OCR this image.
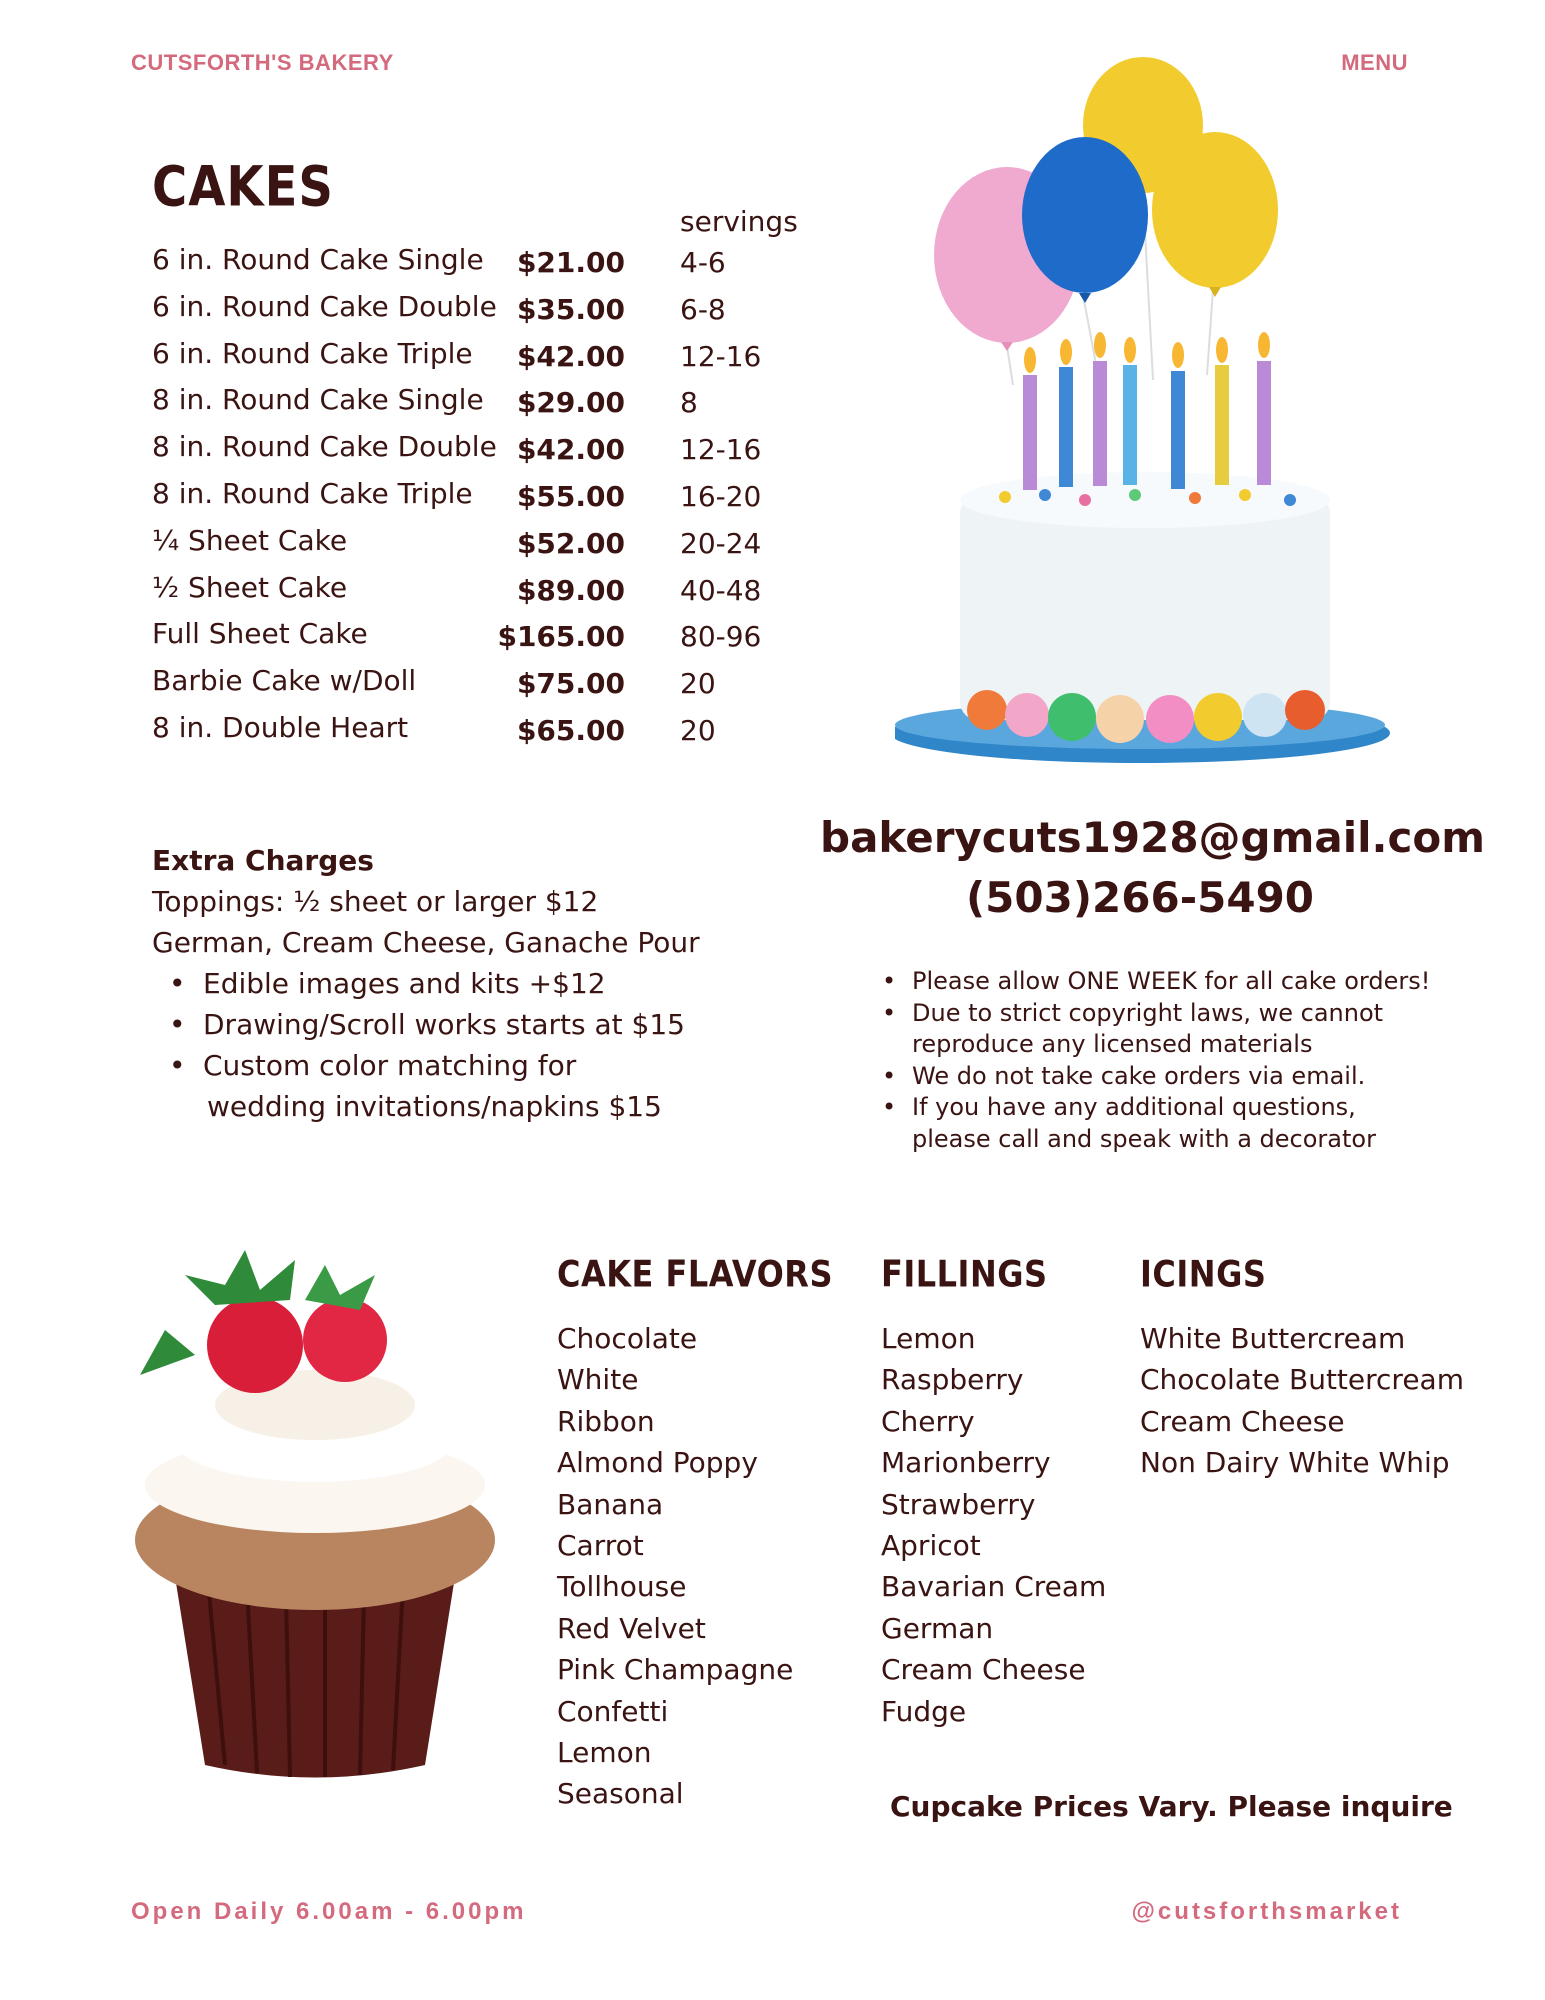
CUTSFORTH'S BAKERY	MENU
CAKES
servings
6 in. Round Cake Single $21.00 4-6
6 in. Round Cake Double $35.00 6-8
6 in. Round Cake Triple $42.00 12-16
8 in. Round Cake Single $29.00 8
8 in. Round Cake Double $42.00 12-16
8 in. Round Cake Triple $55.00 16-20
¼ Sheet Cake	$52.00 20-24
½ Sheet Cake	$89.00 40-48
Full Sheet Cake	$165.00 80-96
Barbie Cake w/Doll	$75.00 20
8 in. Double Heart	$65.00 20
Extra Charges
Toppings: ½ sheet or larger $12
German, Cream Cheese, Ganache Pour
• Edible images and kits +$12
• Drawing/Scroll works starts at $15
• Custom color matching for
wedding invitations/napkins $15
bakerycuts1928@gmail.com
(503)266-5490
• Please allow ONE WEEK for all cake orders!
• Due to strict copyright laws, we cannot reproduce any licensed materials
• We do not take cake orders via email.
• If you have any additional questions, please call and speak with a decorator
CAKE FLAVORS
Chocolate
White
Ribbon
Almond Poppy
Banana
Carrot
Tollhouse
Red Velvet
Pink Champagne
Confetti
Lemon
Seasonal
FILLINGS
Lemon
Raspberry
Cherry
Marionberry
Strawberry
Apricot
Bavarian Cream
German
Cream Cheese
Fudge
ICINGS
White Buttercream
Chocolate Buttercream
Cream Cheese
Non Dairy White Whip
Cupcake Prices Vary. Please inquire
Open Daily 6.00am - 6.00pm	@cutsforthsmarket
